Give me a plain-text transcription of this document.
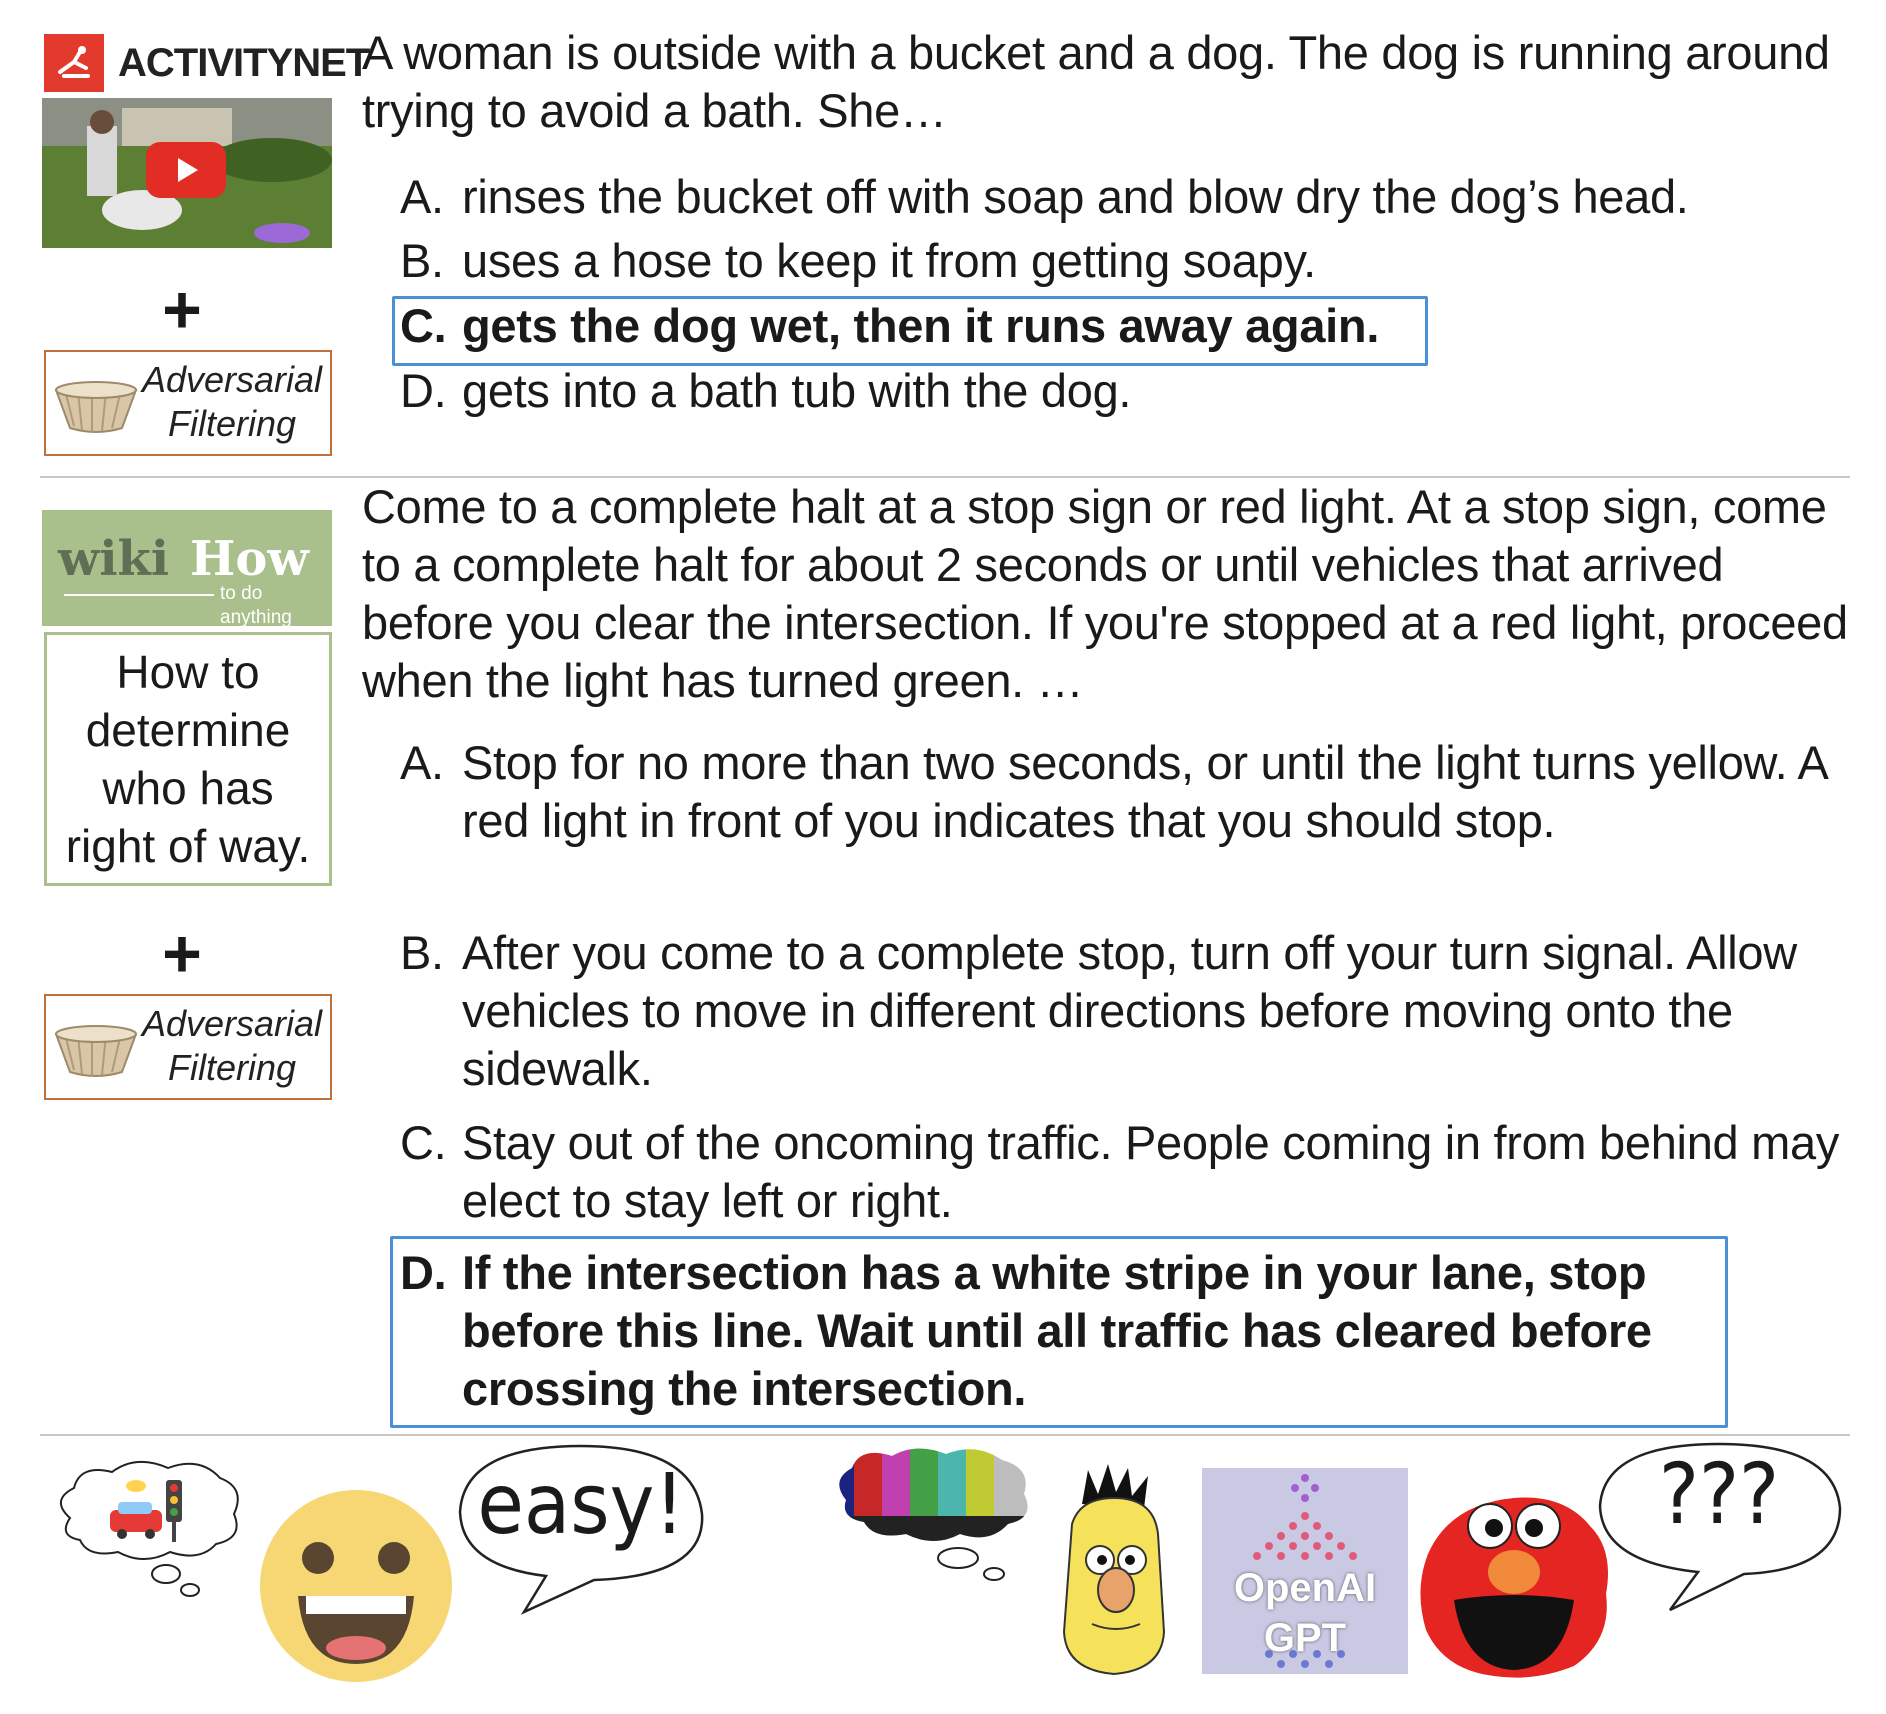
ACTIVITYNET
+
Adversarial
Filtering
A woman is outside with a bucket and a dog. The dog is running around trying to avoid a bath. She…
A. rinses the bucket off with soap and blow dry the dog’s head.
B. uses a hose to keep it from getting soapy.
C. gets the dog wet, then it runs away again.
D. gets into a bath tub with the dog.
wiki How
to do anything
How to determine who has right of way.
+
Adversarial
Filtering
Come to a complete halt at a stop sign or red light. At a stop sign, come to a complete halt for about 2 seconds or until vehicles that arrived before you clear the intersection. If you're stopped at a red light, proceed when the light has turned green. …
A. Stop for no more than two seconds, or until the light turns yellow. A red light in front of you indicates that you should stop.
B. After you come to a complete stop, turn off your turn signal. Allow vehicles to move in different directions before moving onto the sidewalk.
C. Stay out of the oncoming traffic. People coming in from behind may elect to stay left or right.
D. If the intersection has a white stripe in your lane, stop before this line. Wait until all traffic has cleared before crossing the intersection.
easy!
OpenAI
GPT
???
